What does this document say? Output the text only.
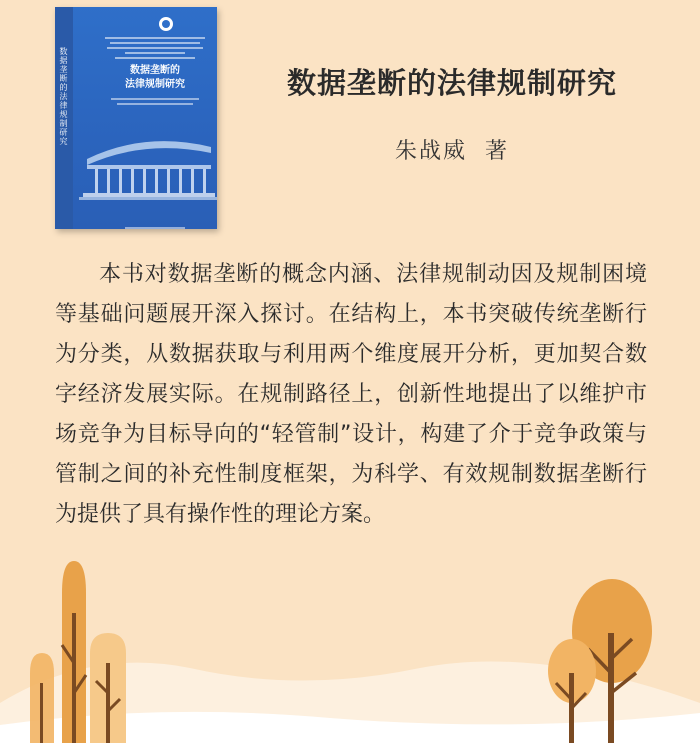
数据垄断的法律规制研究	数据垄断的
法律规制研究	数据垄断的法律规制研究
朱战威  著

本书对数据垄断的概念内涵、法律规制动因及规制困境等基础问题展开深入探讨。在结构上，本书突破传统垄断行为分类，从数据获取与利用两个维度展开分析，更加契合数字经济发展实际。在规制路径上，创新性地提出了以维护市场竞争为目标导向的“轻管制”设计，构建了介于竞争政策与管制之间的补充性制度框架，为科学、有效规制数据垄断行为提供了具有操作性的理论方案。
